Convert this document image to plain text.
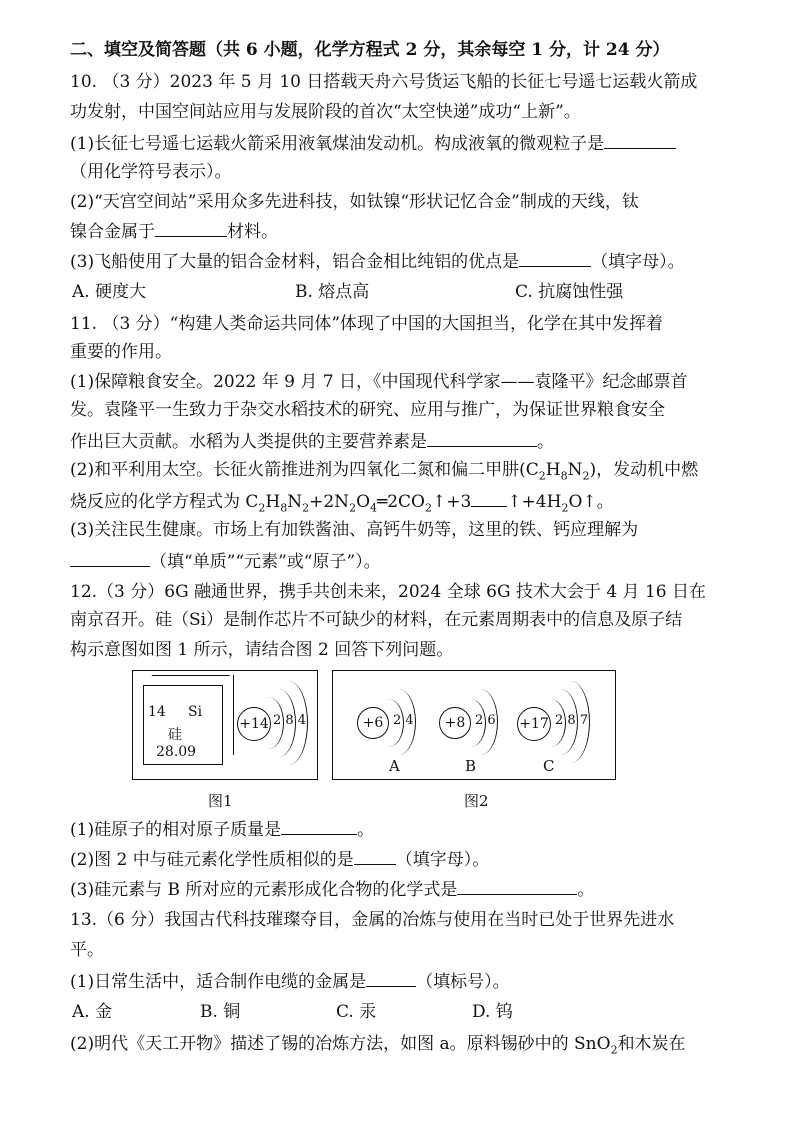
二、填空及简答题（共 6 小题，化学方程式 2 分，其余每空 1 分，计 24 分）
10. （3 分）2023 年 5 月 10 日搭载天舟六号货运飞船的长征七号遥七运载火箭成
功发射，中国空间站应用与发展阶段的首次“太空快递”成功“上新”。
(1)长征七号遥七运载火箭采用液氧煤油发动机。构成液氧的微观粒子是
（用化学符号表示）。
(2)“天宫空间站”采用众多先进科技，如钛镍“形状记忆合金”制成的天线，钛
镍合金属于	材料。
(3)飞船使用了大量的铝合金材料，铝合金相比纯铝的优点是	（填字母）。
A. 硬度大	B. 熔点高	C. 抗腐蚀性强
11. （3 分）“构建人类命运共同体”体现了中国的大国担当，化学在其中发挥着
重要的作用。
(1)保障粮食安全。2022 年 9 月 7 日，《中国现代科学家——袁隆平》纪念邮票首
发。袁隆平一生致力于杂交水稻技术的研究、应用与推广，为保证世界粮食安全
作出巨大贡献。水稻为人类提供的主要营养素是	。
(2)和平利用太空。长征火箭推进剂为四氧化二氮和偏二甲肼$(C_2H_8N_2)$，发动机中燃
烧反应的化学方程式为 $C_2H_8N_2+2N_2O_4═2CO_2↑+3$ $↑+4H_2O↑$。
(3)关注民生健康。市场上有加铁酱油、高钙牛奶等，这里的铁、钙应理解为
（填“单质”“元素”或“原子”）。
12.（3 分）6G 融通世界，携手共创未来，2024 全球 6G 技术大会于 4 月 16 日在
南京召开。硅（Si）是制作芯片不可缺少的材料，在元素周期表中的信息及原子结
构示意图如图 1 所示，请结合图 2 回答下列问题。
14 Si
硅
28.09
+14 2 8 4
图1
+6 2 4
A
+8 2 6
B
+17 2 8 7
C
图2
(1)硅原子的相对原子质量是	。
(2)图 2 中与硅元素化学性质相似的是 （填字母）。
(3)硅元素与 B 所对应的元素形成化合物的化学式是	。
13.（6 分）我国古代科技璀璨夺目，金属的冶炼与使用在当时已处于世界先进水
平。
(1)日常生活中，适合制作电缆的金属是	（填标号）。
A. 金	B. 铜	C. 汞	D. 钨
(2)明代《天工开物》描述了锡的冶炼方法，如图 a。原料锡砂中的 SnO$_2$和木炭在
